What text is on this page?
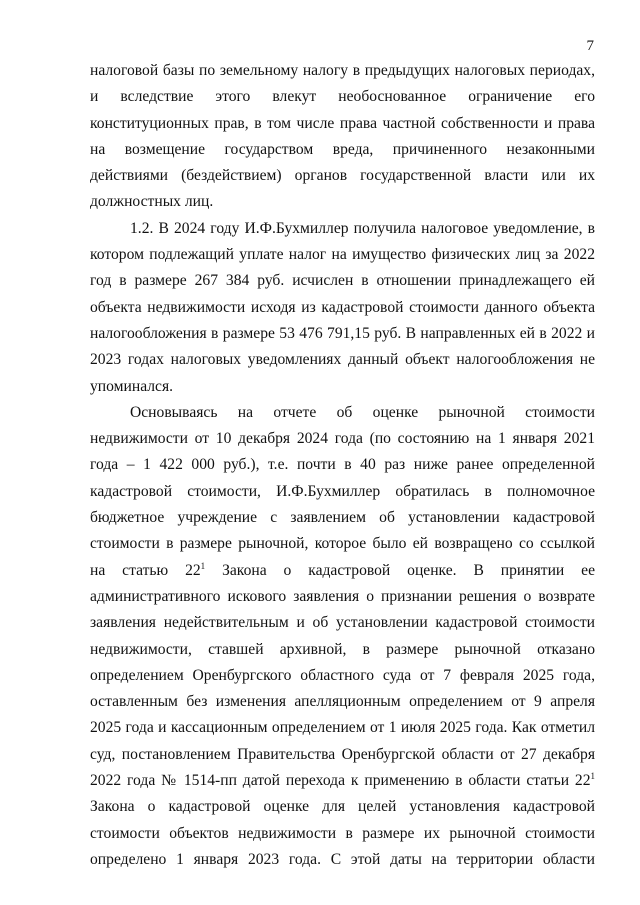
7
налоговой базы по земельному налогу в предыдущих налоговых периодах,
и вследствие этого влекут необоснованное ограничение его
конституционных прав, в том числе права частной собственности и права
на возмещение государством вреда, причиненного незаконными
действиями (бездействием) органов государственной власти или их
должностных лиц.
1.2. В 2024 году И.Ф.Бухмиллер получила налоговое уведомление, в
котором подлежащий уплате налог на имущество физических лиц за 2022
год в размере 267 384 руб. исчислен в отношении принадлежащего ей
объекта недвижимости исходя из кадастровой стоимости данного объекта
налогообложения в размере 53 476 791,15 руб. В направленных ей в 2022 и
2023 годах налоговых уведомлениях данный объект налогообложения не
упоминался.
Основываясь на отчете об оценке рыночной стоимости
недвижимости от 10 декабря 2024 года (по состоянию на 1 января 2021
года – 1 422 000 руб.), т.е. почти в 40 раз ниже ранее определенной
кадастровой стоимости, И.Ф.Бухмиллер обратилась в полномочное
бюджетное учреждение с заявлением об установлении кадастровой
стоимости в размере рыночной, которое было ей возвращено со ссылкой
на статью $22^1$ Закона о кадастровой оценке. В принятии ее
административного искового заявления о признании решения о возврате
заявления недействительным и об установлении кадастровой стоимости
недвижимости, ставшей архивной, в размере рыночной отказано
определением Оренбургского областного суда от 7 февраля 2025 года,
оставленным без изменения апелляционным определением от 9 апреля
2025 года и кассационным определением от 1 июля 2025 года. Как отметил
суд, постановлением Правительства Оренбургской области от 27 декабря
2022 года № 1514-пп датой перехода к применению в области статьи $22^1$
Закона о кадастровой оценке для целей установления кадастровой
стоимости объектов недвижимости в размере их рыночной стоимости
определено 1 января 2023 года. С этой даты на территории области
